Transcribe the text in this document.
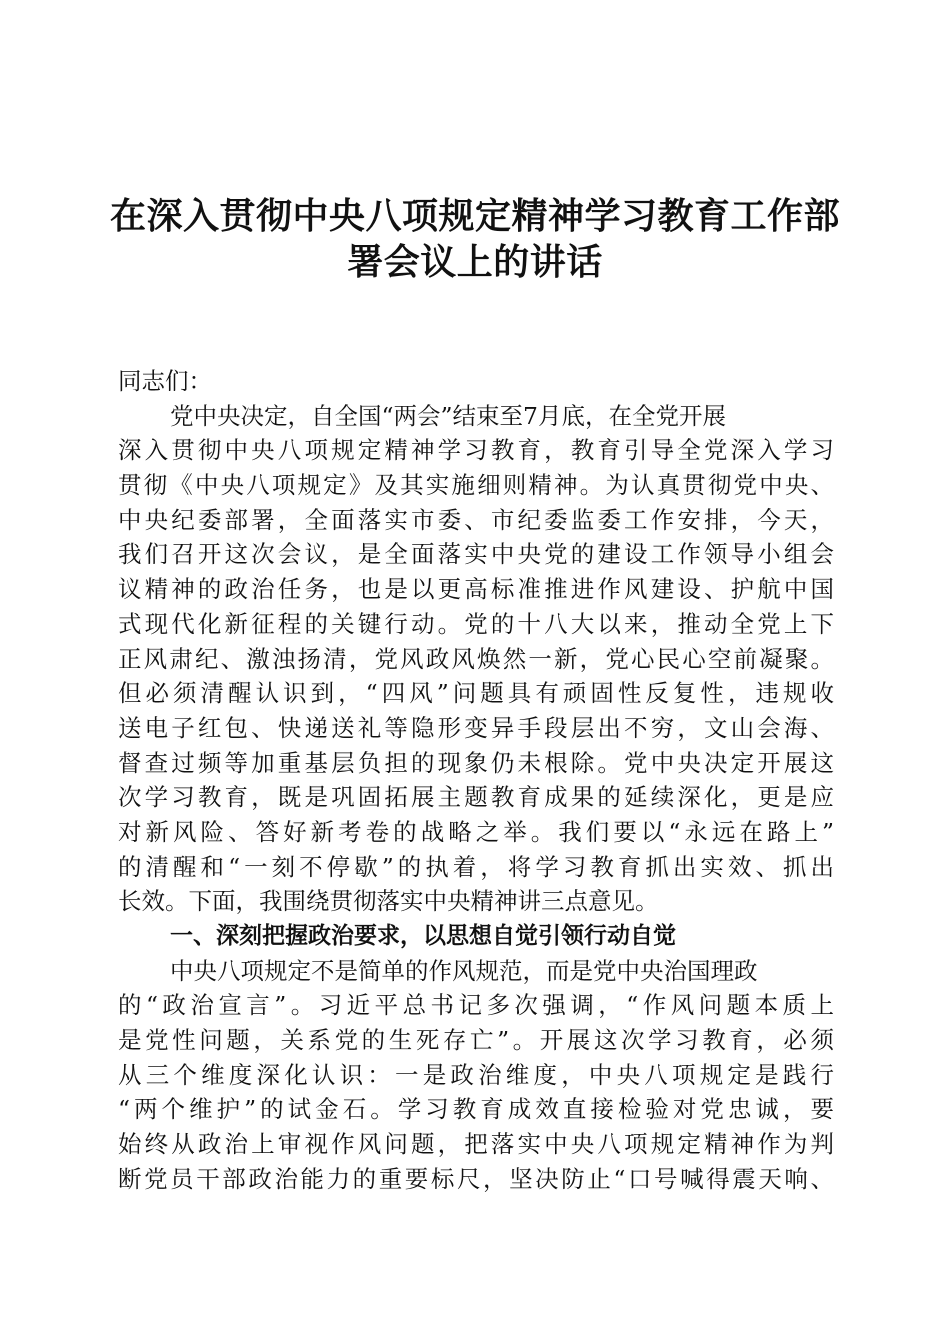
在深入贯彻中央八项规定精神学习教育工作部
署会议上的讲话
同志们：
党中央决定，自全国“两会”结束至7月底，在全党开展
深入贯彻中央八项规定精神学习教育，教育引导全党深入学习
贯彻《中央八项规定》及其实施细则精神。为认真贯彻党中央、
中央纪委部署，全面落实市委、市纪委监委工作安排，今天，
我们召开这次会议，是全面落实中央党的建设工作领导小组会
议精神的政治任务，也是以更高标准推进作风建设、护航中国
式现代化新征程的关键行动。党的十八大以来，推动全党上下
正风肃纪、激浊扬清，党风政风焕然一新，党心民心空前凝聚。
但必须清醒认识到，“四风”问题具有顽固性反复性，违规收
送电子红包、快递送礼等隐形变异手段层出不穷，文山会海、
督查过频等加重基层负担的现象仍未根除。党中央决定开展这
次学习教育，既是巩固拓展主题教育成果的延续深化，更是应
对新风险、答好新考卷的战略之举。我们要以“永远在路上”
的清醒和“一刻不停歇”的执着，将学习教育抓出实效、抓出
长效。下面，我围绕贯彻落实中央精神讲三点意见。
一、深刻把握政治要求，以思想自觉引领行动自觉
中央八项规定不是简单的作风规范，而是党中央治国理政
的“政治宣言”。习近平总书记多次强调，“作风问题本质上
是党性问题，关系党的生死存亡”。开展这次学习教育，必须
从三个维度深化认识：一是政治维度，中央八项规定是践行
“两个维护”的试金石。学习教育成效直接检验对党忠诚，要
始终从政治上审视作风问题，把落实中央八项规定精神作为判
断党员干部政治能力的重要标尺，坚决防止“口号喊得震天响、
